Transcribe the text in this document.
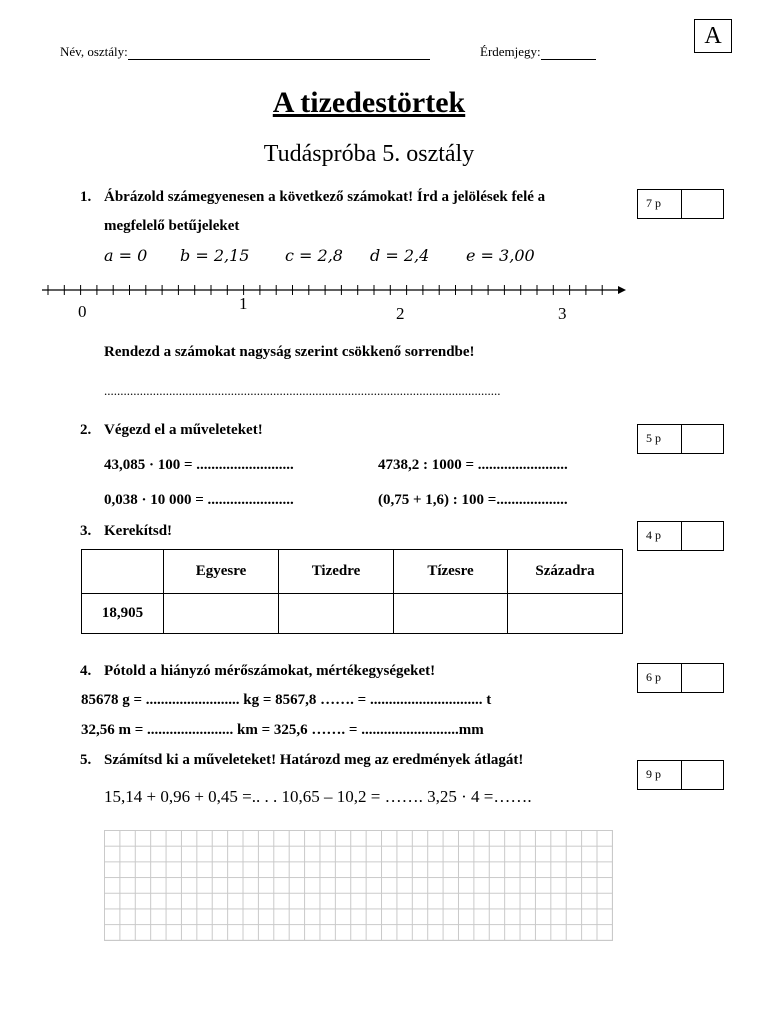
A
Név, osztály:	Érdemjegy:
A tizedestörtek
Tudáspróba 5. osztály
1. Ábrázold számegyenesen a következő számokat! Írd a jelölések felé a
megfelelő betűjeleket
a = 0 b = 2,15 c = 2,8 d = 2,4 e = 3,00
7 p
0	1
2	3
Rendezd a számokat nagyság szerint csökkenő sorrendbe!
..........................................................................................................................
2. Végezd el a műveleteket!	5 p
43,085 · 100 = ..........................	4738,2 : 1000 = ........................
0,038 · 10 000 = .......................	(0,75 + 1,6) : 100 =...................
3. Kerekítsd!	4 p
	Egyesre	Tizedre	Tízesre	Századra
18,905				
4. Pótold a hiányzó mérőszámokat, mértékegységeket!	6 p
85678 g = ......................... kg = 8567,8 ……. = .............................. t
32,56 m = ....................... km = 325,6 ……. = ..........................mm
5. Számítsd ki a műveleteket! Határozd meg az eredmények átlagát!
9 p
15,14 + 0,96 + 0,45 =.. . . 10,65 – 10,2 = ……. 3,25 · 4 =…….
